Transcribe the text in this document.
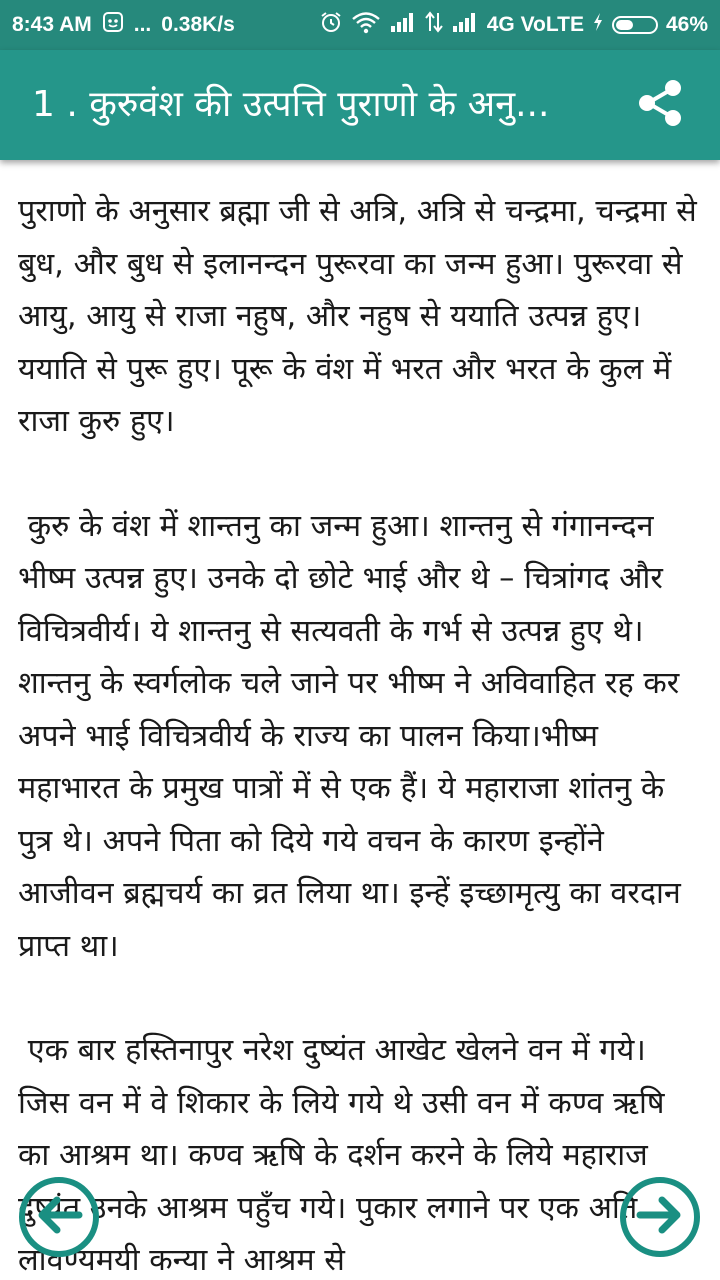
8:43 AM ... 0.38K/s	4G VoLTE	46%
1 . कुरुवंश की उत्पत्ति पुराणो के अनु...

पुराणो के अनुसार ब्रह्मा जी से अत्रि, अत्रि से चन्द्रमा, चन्द्रमा से बुध, और बुध से इलानन्दन पुरूरवा का जन्म हुआ। पुरूरवा से आयु, आयु से राजा नहुष, और नहुष से ययाति उत्पन्न हुए। ययाति से पुरू हुए। पूरू के वंश में भरत और भरत के कुल में राजा कुरु हुए।

कुरु के वंश में शान्तनु का जन्म हुआ। शान्तनु से गंगानन्दन भीष्म उत्पन्न हुए। उनके दो छोटे भाई और थे – चित्रांगद और विचित्रवीर्य। ये शान्तनु से सत्यवती के गर्भ से उत्पन्न हुए थे। शान्तनु के स्वर्गलोक चले जाने पर भीष्म ने अविवाहित रह कर अपने भाई विचित्रवीर्य के राज्य का पालन किया।भीष्म महाभारत के प्रमुख पात्रों में से एक हैं। ये महाराजा शांतनु के पुत्र थे। अपने पिता को दिये गये वचन के कारण इन्होंने आजीवन ब्रह्मचर्य का व्रत लिया था। इन्हें इच्छामृत्यु का वरदान प्राप्त था।

एक बार हस्तिनापुर नरेश दुष्यंत आखेट खेलने वन में गये। जिस वन में वे शिकार के लिये गये थे उसी वन में कण्व ऋषि का आश्रम था। कण्व ऋषि के दर्शन करने के लिये महाराज दुष्यंत उनके आश्रम पहुँच गये। पुकार लगाने पर एक अति लावण्यमयी कन्या ने आश्रम से
